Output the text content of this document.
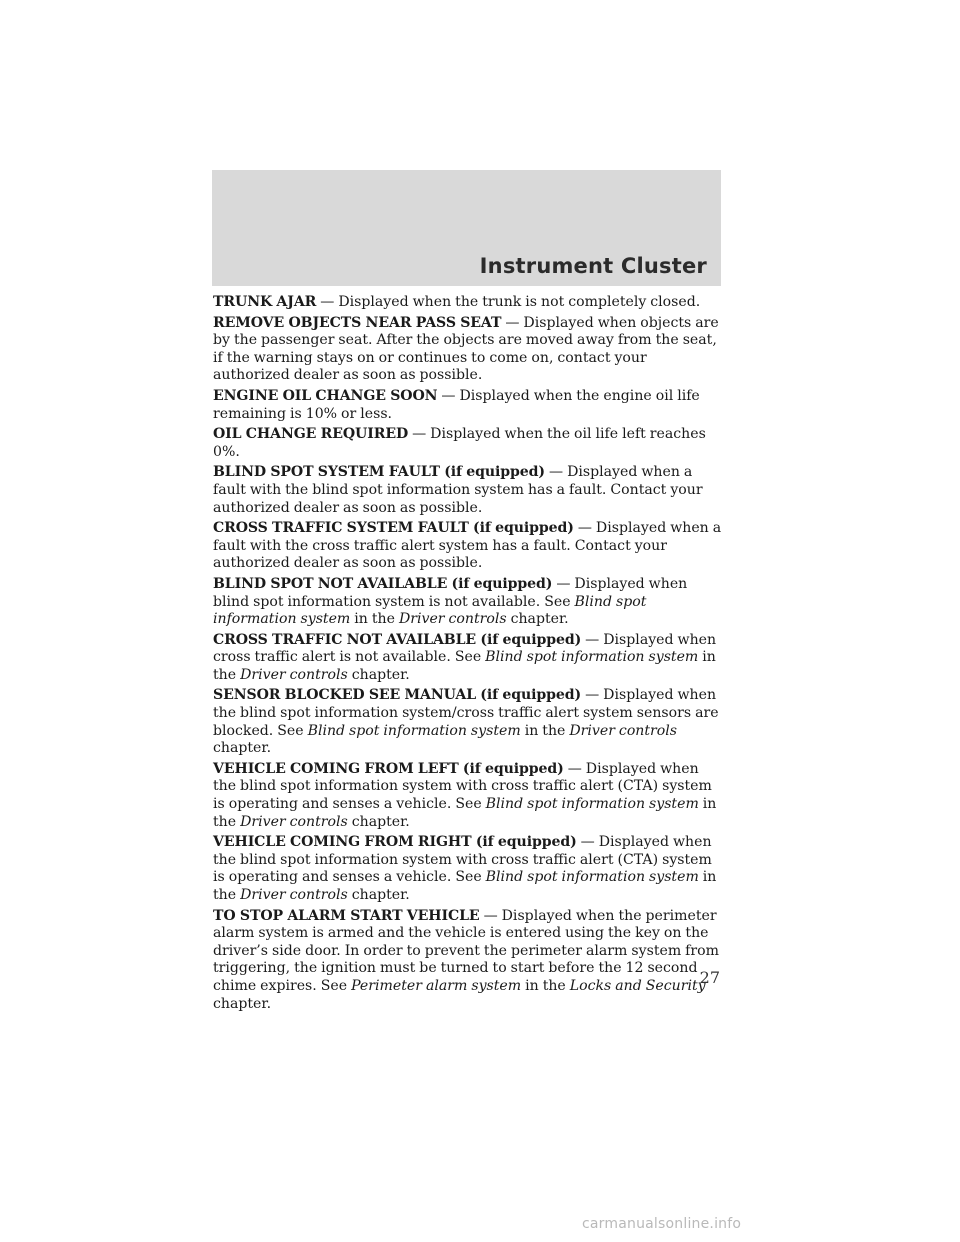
Instrument Cluster

TRUNK AJAR — Displayed when the trunk is not completely closed.

REMOVE OBJECTS NEAR PASS SEAT — Displayed when objects are by the passenger seat. After the objects are moved away from the seat, if the warning stays on or continues to come on, contact your authorized dealer as soon as possible.

ENGINE OIL CHANGE SOON — Displayed when the engine oil life remaining is 10% or less.

OIL CHANGE REQUIRED — Displayed when the oil life left reaches 0%.

BLIND SPOT SYSTEM FAULT (if equipped) — Displayed when a fault with the blind spot information system has a fault. Contact your authorized dealer as soon as possible.

CROSS TRAFFIC SYSTEM FAULT (if equipped) — Displayed when a fault with the cross traffic alert system has a fault. Contact your authorized dealer as soon as possible.

BLIND SPOT NOT AVAILABLE (if equipped) — Displayed when blind spot information system is not available. See Blind spot information system in the Driver controls chapter.

CROSS TRAFFIC NOT AVAILABLE (if equipped) — Displayed when cross traffic alert is not available. See Blind spot information system in the Driver controls chapter.

SENSOR BLOCKED SEE MANUAL (if equipped) — Displayed when the blind spot information system/cross traffic alert system sensors are blocked. See Blind spot information system in the Driver controls chapter.

VEHICLE COMING FROM LEFT (if equipped) — Displayed when the blind spot information system with cross traffic alert (CTA) system is operating and senses a vehicle. See Blind spot information system in the Driver controls chapter.

VEHICLE COMING FROM RIGHT (if equipped) — Displayed when the blind spot information system with cross traffic alert (CTA) system is operating and senses a vehicle. See Blind spot information system in the Driver controls chapter.

TO STOP ALARM START VEHICLE — Displayed when the perimeter alarm system is armed and the vehicle is entered using the key on the driver’s side door. In order to prevent the perimeter alarm system from triggering, the ignition must be turned to start before the 12 second chime expires. See Perimeter alarm system in the Locks and Security chapter.

27
carmanualsonline.info
